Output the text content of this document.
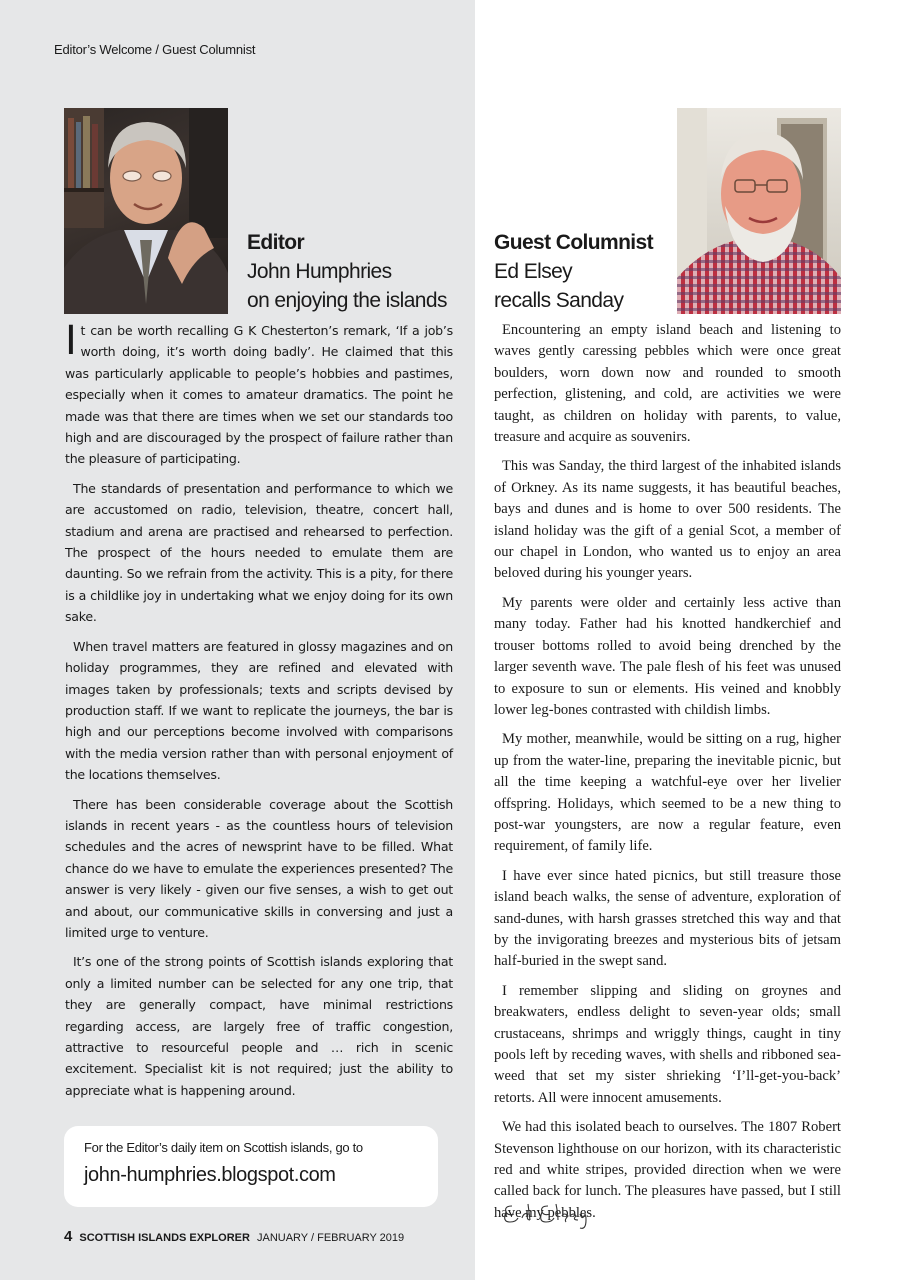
Editor’s Welcome / Guest Columnist
Editor
John Humphries
on enjoying the islands
Guest Columnist
Ed Elsey
recalls Sanday

It can be worth recalling G K Chesterton’s remark, ‘If a job’s worth doing, it’s worth doing badly’. He claimed that this was particularly applicable to people’s hobbies and pastimes, especially when it comes to amateur dramatics. The point he made was that there are times when we set our standards too high and are discouraged by the prospect of failure rather than the pleasure of participating.

The standards of presentation and performance to which we are accustomed on radio, television, theatre, concert hall, stadium and arena are practised and rehearsed to perfection. The prospect of the hours needed to emulate them are daunting. So we refrain from the activity. This is a pity, for there is a childlike joy in undertaking what we enjoy doing for its own sake.

When travel matters are featured in glossy magazines and on holiday programmes, they are refined and elevated with images taken by professionals; texts and scripts devised by production staff. If we want to replicate the journeys, the bar is high and our perceptions become involved with comparisons with the media version rather than with personal enjoyment of the locations themselves.

There has been considerable coverage about the Scottish islands in recent years - as the countless hours of television schedules and the acres of newsprint have to be filled. What chance do we have to emulate the experiences presented? The answer is very likely - given our five senses, a wish to get out and about, our communicative skills in conversing and just a limited urge to venture.

It’s one of the strong points of Scottish islands exploring that only a limited number can be selected for any one trip, that they are generally compact, have minimal restrictions regarding access, are largely free of traffic congestion, attractive to resourceful people and … rich in scenic excitement. Specialist kit is not required; just the ability to appreciate what is happening around.

Encountering an empty island beach and listening to waves gently caressing pebbles which were once great boulders, worn down now and rounded to smooth perfection, glistening, and cold, are activities we were taught, as children on holiday with parents, to value, treasure and acquire as souvenirs.

This was Sanday, the third largest of the inhabited islands of Orkney. As its name suggests, it has beautiful beaches, bays and dunes and is home to over 500 residents. The island holiday was the gift of a genial Scot, a member of our chapel in London, who wanted us to enjoy an area beloved during his younger years.

My parents were older and certainly less active than many today. Father had his knotted handkerchief and trouser bottoms rolled to avoid being drenched by the larger seventh wave. The pale flesh of his feet was unused to exposure to sun or elements. His veined and knobbly lower leg-bones contrasted with childish limbs.

My mother, meanwhile, would be sitting on a rug, higher up from the water-line, preparing the inevitable picnic, but all the time keeping a watchful-eye over her livelier offspring. Holidays, which seemed to be a new thing to post-war youngsters, are now a regular feature, even requirement, of family life.

I have ever since hated picnics, but still treasure those island beach walks, the sense of adventure, exploration of sand-dunes, with harsh grasses stretched this way and that by the invigorating breezes and mysterious bits of jetsam half-buried in the swept sand.

I remember slipping and sliding on groynes and breakwaters, endless delight to seven-year olds; small crustaceans, shrimps and wriggly things, caught in tiny pools left by receding waves, with shells and ribboned sea-weed that set my sister shrieking ‘I’ll-get-you-back’ retorts. All were innocent amusements.

We had this isolated beach to ourselves. The 1807 Robert Stevenson lighthouse on our horizon, with its characteristic red and white stripes, provided direction when we were called back for lunch. The pleasures have passed, but I still have my pebbles.

For the Editor’s daily item on Scottish islands, go to
john-humphries.blogspot.com
4 SCOTTISH ISLANDS EXPLORER JANUARY / FEBRUARY 2019
